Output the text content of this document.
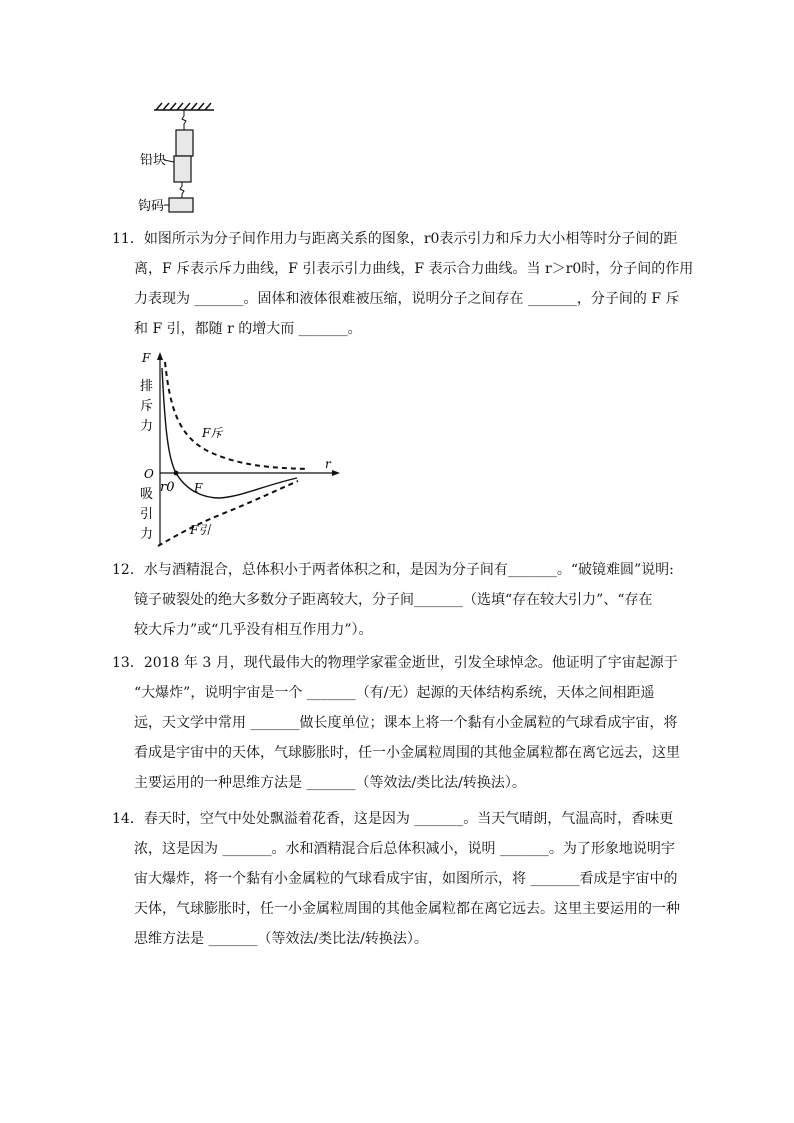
铅块
钩码
11．如图所示为分子间作用力与距离关系的图象，r0表示引力和斥力大小相等时分子间的距
离，F 斥表示斥力曲线，F 引表示引力曲线，F 表示合力曲线。当 r＞r0时，分子间的作用
力表现为 _______。固体和液体很难被压缩，说明分子之间存在 _______，分子间的 F 斥
和 F 引，都随 r 的增大而 _______。
F
r
O
排
斥
力
吸
引
力
r0
F斥
F
F引
12．水与酒精混合，总体积小于两者体积之和，是因为分子间有_______。“破镜难圆”说明:
镜子破裂处的绝大多数分子距离较大，分子间_______（选填“存在较大引力”、“存在
较大斥力”或“几乎没有相互作用力”）。
13．2018 年 3 月，现代最伟大的物理学家霍金逝世，引发全球悼念。他证明了宇宙起源于
“大爆炸”，说明宇宙是一个 _______（有/无）起源的天体结构系统，天体之间相距遥
远，天文学中常用 _______做长度单位；课本上将一个黏有小金属粒的气球看成宇宙，将
看成是宇宙中的天体，气球膨胀时，任一小金属粒周围的其他金属粒都在离它远去，这里
主要运用的一种思维方法是 _______（等效法/类比法/转换法）。
14．春天时，空气中处处飘溢着花香，这是因为 _______。当天气晴朗，气温高时，香味更
浓，这是因为 _______。水和酒精混合后总体积减小，说明 _______。为了形象地说明宇
宙大爆炸，将一个黏有小金属粒的气球看成宇宙，如图所示，将 _______看成是宇宙中的
天体，气球膨胀时，任一小金属粒周围的其他金属粒都在离它远去。这里主要运用的一种
思维方法是 _______（等效法/类比法/转换法）。
